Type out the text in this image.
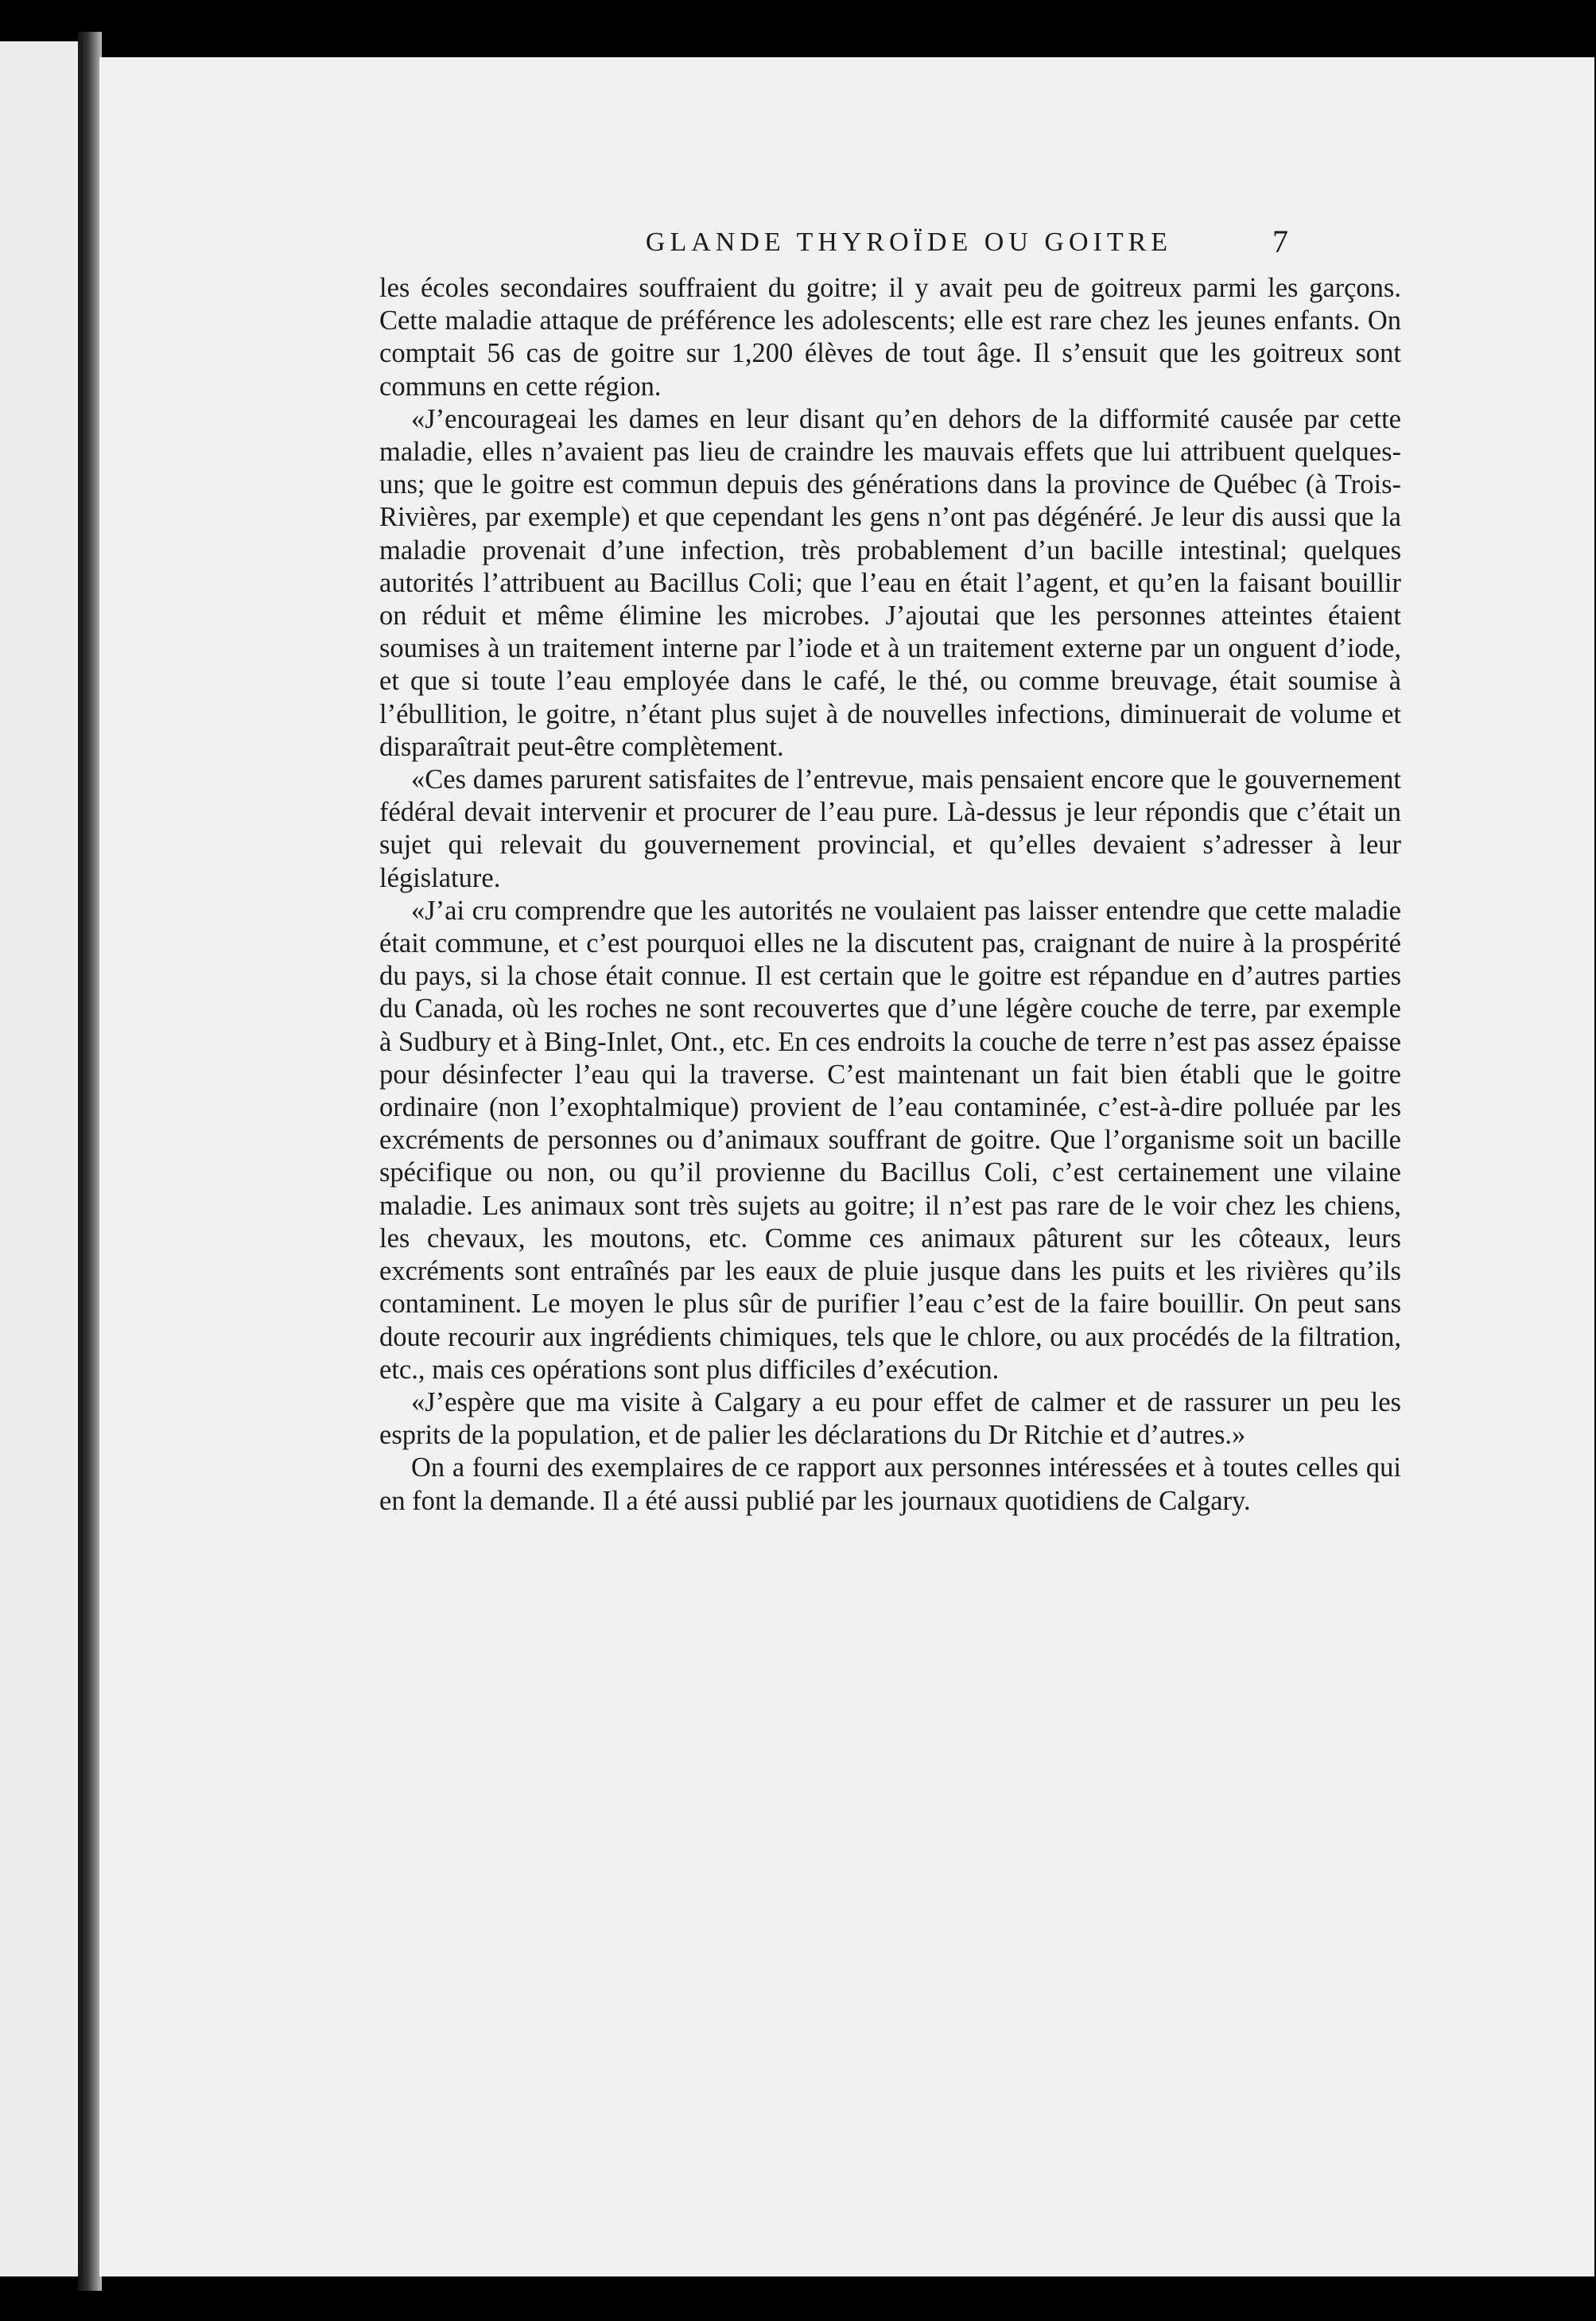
GLANDE THYROÏDE OU GOITRE	7

les écoles secondaires souffraient du goitre; il y avait peu de goitreux parmi les garçons. Cette maladie attaque de préférence les adolescents; elle est rare chez les jeunes enfants. On comptait 56 cas de goitre sur 1,200 élèves de tout âge. Il s’ensuit que les goitreux sont communs en cette région.

«J’encourageai les dames en leur disant qu’en dehors de la difformité causée par cette maladie, elles n’avaient pas lieu de craindre les mauvais effets que lui attribuent quelques-uns; que le goitre est commun depuis des générations dans la province de Québec (à Trois-Rivières, par exemple) et que cependant les gens n’ont pas dégénéré. Je leur dis aussi que la maladie provenait d’une infection, très probablement d’un bacille intestinal; quelques autorités l’attribuent au Bacillus Coli; que l’eau en était l’agent, et qu’en la faisant bouillir on réduit et même élimine les microbes. J’ajoutai que les personnes atteintes étaient soumises à un traitement interne par l’iode et à un traitement externe par un onguent d’iode, et que si toute l’eau employée dans le café, le thé, ou comme breuvage, était soumise à l’ébullition, le goitre, n’étant plus sujet à de nouvelles infections, diminuerait de volume et disparaîtrait peut-être complètement.

«Ces dames parurent satisfaites de l’entrevue, mais pensaient encore que le gouvernement fédéral devait intervenir et procurer de l’eau pure. Là-dessus je leur répondis que c’était un sujet qui relevait du gouvernement provincial, et qu’elles devaient s’adresser à leur législature.

«J’ai cru comprendre que les autorités ne voulaient pas laisser entendre que cette maladie était commune, et c’est pourquoi elles ne la discutent pas, craignant de nuire à la prospérité du pays, si la chose était connue. Il est certain que le goitre est répandue en d’autres parties du Canada, où les roches ne sont recouvertes que d’une légère couche de terre, par exemple à Sudbury et à Bing-Inlet, Ont., etc. En ces endroits la couche de terre n’est pas assez épaisse pour désinfecter l’eau qui la traverse. C’est maintenant un fait bien établi que le goitre ordinaire (non l’exophtalmique) provient de l’eau contaminée, c’est-à-dire polluée par les excréments de personnes ou d’animaux souffrant de goitre. Que l’organisme soit un bacille spécifique ou non, ou qu’il provienne du Bacillus Coli, c’est certainement une vilaine maladie. Les animaux sont très sujets au goitre; il n’est pas rare de le voir chez les chiens, les chevaux, les moutons, etc. Comme ces animaux pâturent sur les côteaux, leurs excréments sont entraînés par les eaux de pluie jusque dans les puits et les rivières qu’ils contaminent. Le moyen le plus sûr de purifier l’eau c’est de la faire bouillir. On peut sans doute recourir aux ingrédients chimiques, tels que le chlore, ou aux procédés de la filtration, etc., mais ces opérations sont plus difficiles d’exécution.

«J’espère que ma visite à Calgary a eu pour effet de calmer et de rassurer un peu les esprits de la population, et de palier les déclarations du Dr Ritchie et d’autres.»

On a fourni des exemplaires de ce rapport aux personnes intéressées et à toutes celles qui en font la demande. Il a été aussi publié par les journaux quotidiens de Calgary.
